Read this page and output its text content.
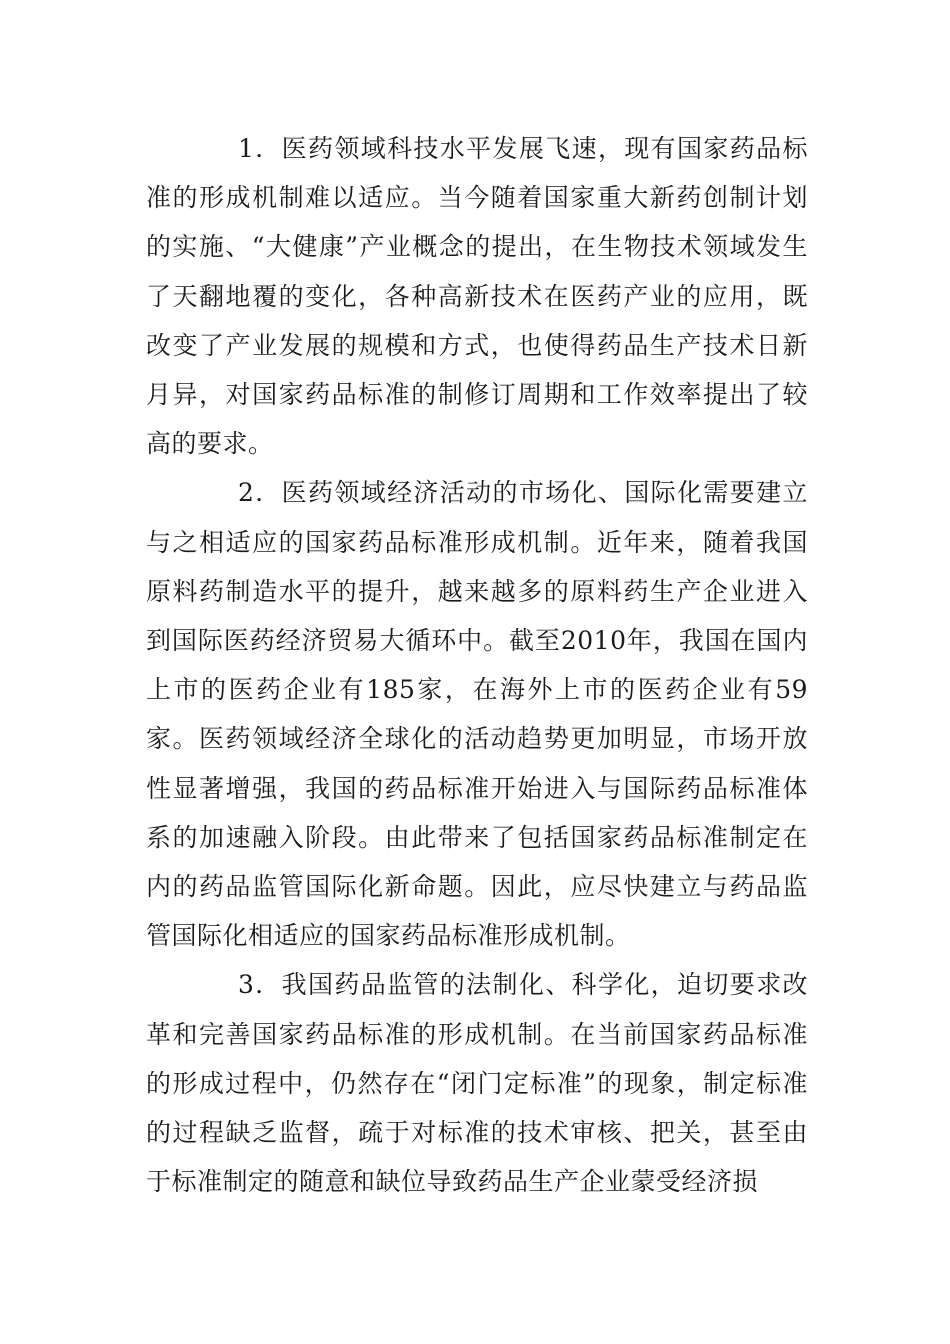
1．医药领域科技水平发展飞速，现有国家药品标准的形成机制难以适应。当今随着国家重大新药创制计划的实施、“大健康”产业概念的提出，在生物技术领域发生了天翻地覆的变化，各种高新技术在医药产业的应用，既改变了产业发展的规模和方式，也使得药品生产技术日新月异，对国家药品标准的制修订周期和工作效率提出了较高的要求。

2．医药领域经济活动的市场化、国际化需要建立与之相适应的国家药品标准形成机制。近年来，随着我国原料药制造水平的提升，越来越多的原料药生产企业进入到国际医药经济贸易大循环中。截至2010年，我国在国内上市的医药企业有185家，在海外上市的医药企业有59家。医药领域经济全球化的活动趋势更加明显，市场开放性显著增强，我国的药品标准开始进入与国际药品标准体系的加速融入阶段。由此带来了包括国家药品标准制定在内的药品监管国际化新命题。因此，应尽快建立与药品监管国际化相适应的国家药品标准形成机制。

3．我国药品监管的法制化、科学化，迫切要求改革和完善国家药品标准的形成机制。在当前国家药品标准的形成过程中，仍然存在“闭门定标准”的现象，制定标准的过程缺乏监督，疏于对标准的技术审核、把关，甚至由于标准制定的随意和缺位导致药品生产企业蒙受经济损
